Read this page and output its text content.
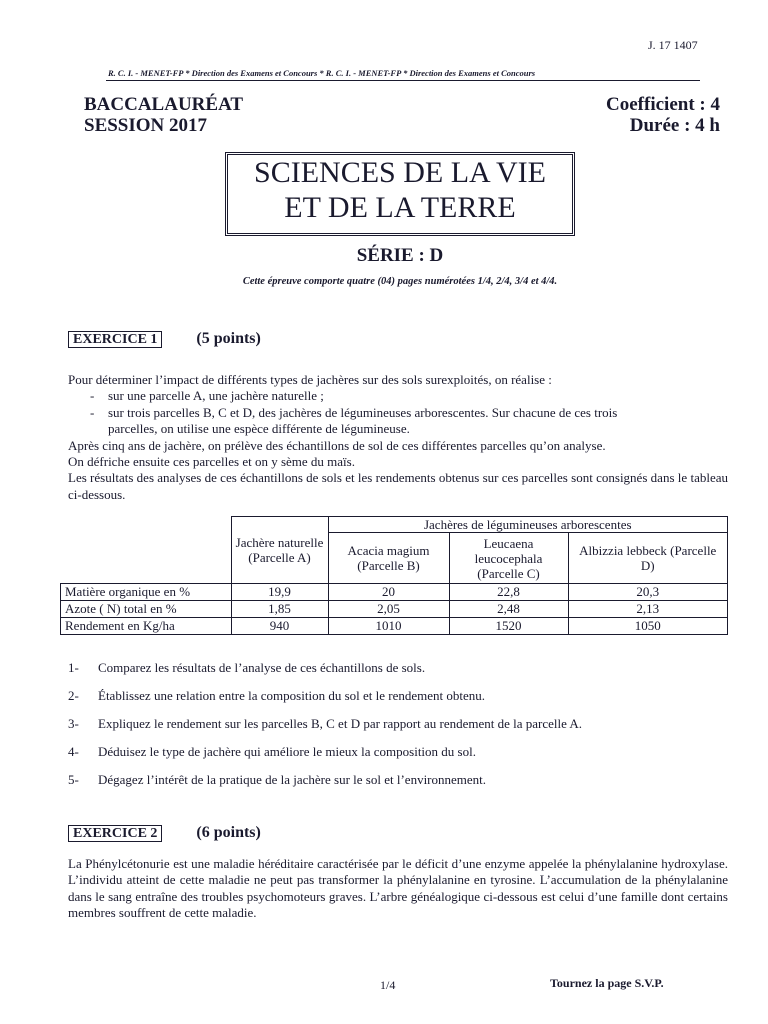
J. 17 1407
R. C. I. - MENET-FP * Direction des Examens et Concours * R. C. I. - MENET-FP * Direction des Examens et Concours
BACCALAURÉAT
SESSION 2017
Coefficient : 4
Durée : 4 h
SCIENCES DE LA VIE
ET DE LA TERRE
SÉRIE : D
Cette épreuve comporte quatre (04) pages numérotées 1/4, 2/4, 3/4 et 4/4.
EXERCICE 1 (5 points)

Pour déterminer l’impact de différents types de jachères sur des sols surexploités, on réalise :

- sur une parcelle A, une jachère naturelle ;

- sur trois parcelles B, C et D, des jachères de légumineuses arborescentes. Sur chacune de ces trois
parcelles, on utilise une espèce différente de légumineuse.

Après cinq ans de jachère, on prélève des échantillons de sol de ces différentes parcelles qu’on analyse.

On défriche ensuite ces parcelles et on y sème du maïs.

Les résultats des analyses de ces échantillons de sols et les rendements obtenus sur ces parcelles sont consignés dans le tableau ci-dessous.

	Jachère naturelle (Parcelle A)	Jachères de légumineuses arborescentes		
		Acacia magium (Parcelle B)	Leucaena leucocephala (Parcelle C)	Albizzia lebbeck (Parcelle D)
Matière organique en %	19,9	20	22,8	20,3
Azote ( N) total en %	1,85	2,05	2,48	2,13
Rendement en Kg/ha	940	1010	1520	1050
1- Comparez les résultats de l’analyse de ces échantillons de sols.
2- Établissez une relation entre la composition du sol et le rendement obtenu.
3- Expliquez le rendement sur les parcelles B, C et D par rapport au rendement de la parcelle A.
4- Déduisez le type de jachère qui améliore le mieux la composition du sol.
5- Dégagez l’intérêt de la pratique de la jachère sur le sol et l’environnement.
EXERCICE 2 (6 points)
La Phénylcétonurie est une maladie héréditaire caractérisée par le déficit d’une enzyme appelée la phénylalanine hydroxylase. L’individu atteint de cette maladie ne peut pas transformer la phénylalanine en tyrosine. L’accumulation de la phénylalanine dans le sang entraîne des troubles psychomoteurs graves. L’arbre généalogique ci-dessous est celui d’une famille dont certains membres souffrent de cette maladie.
1/4	Tournez la page S.V.P.
